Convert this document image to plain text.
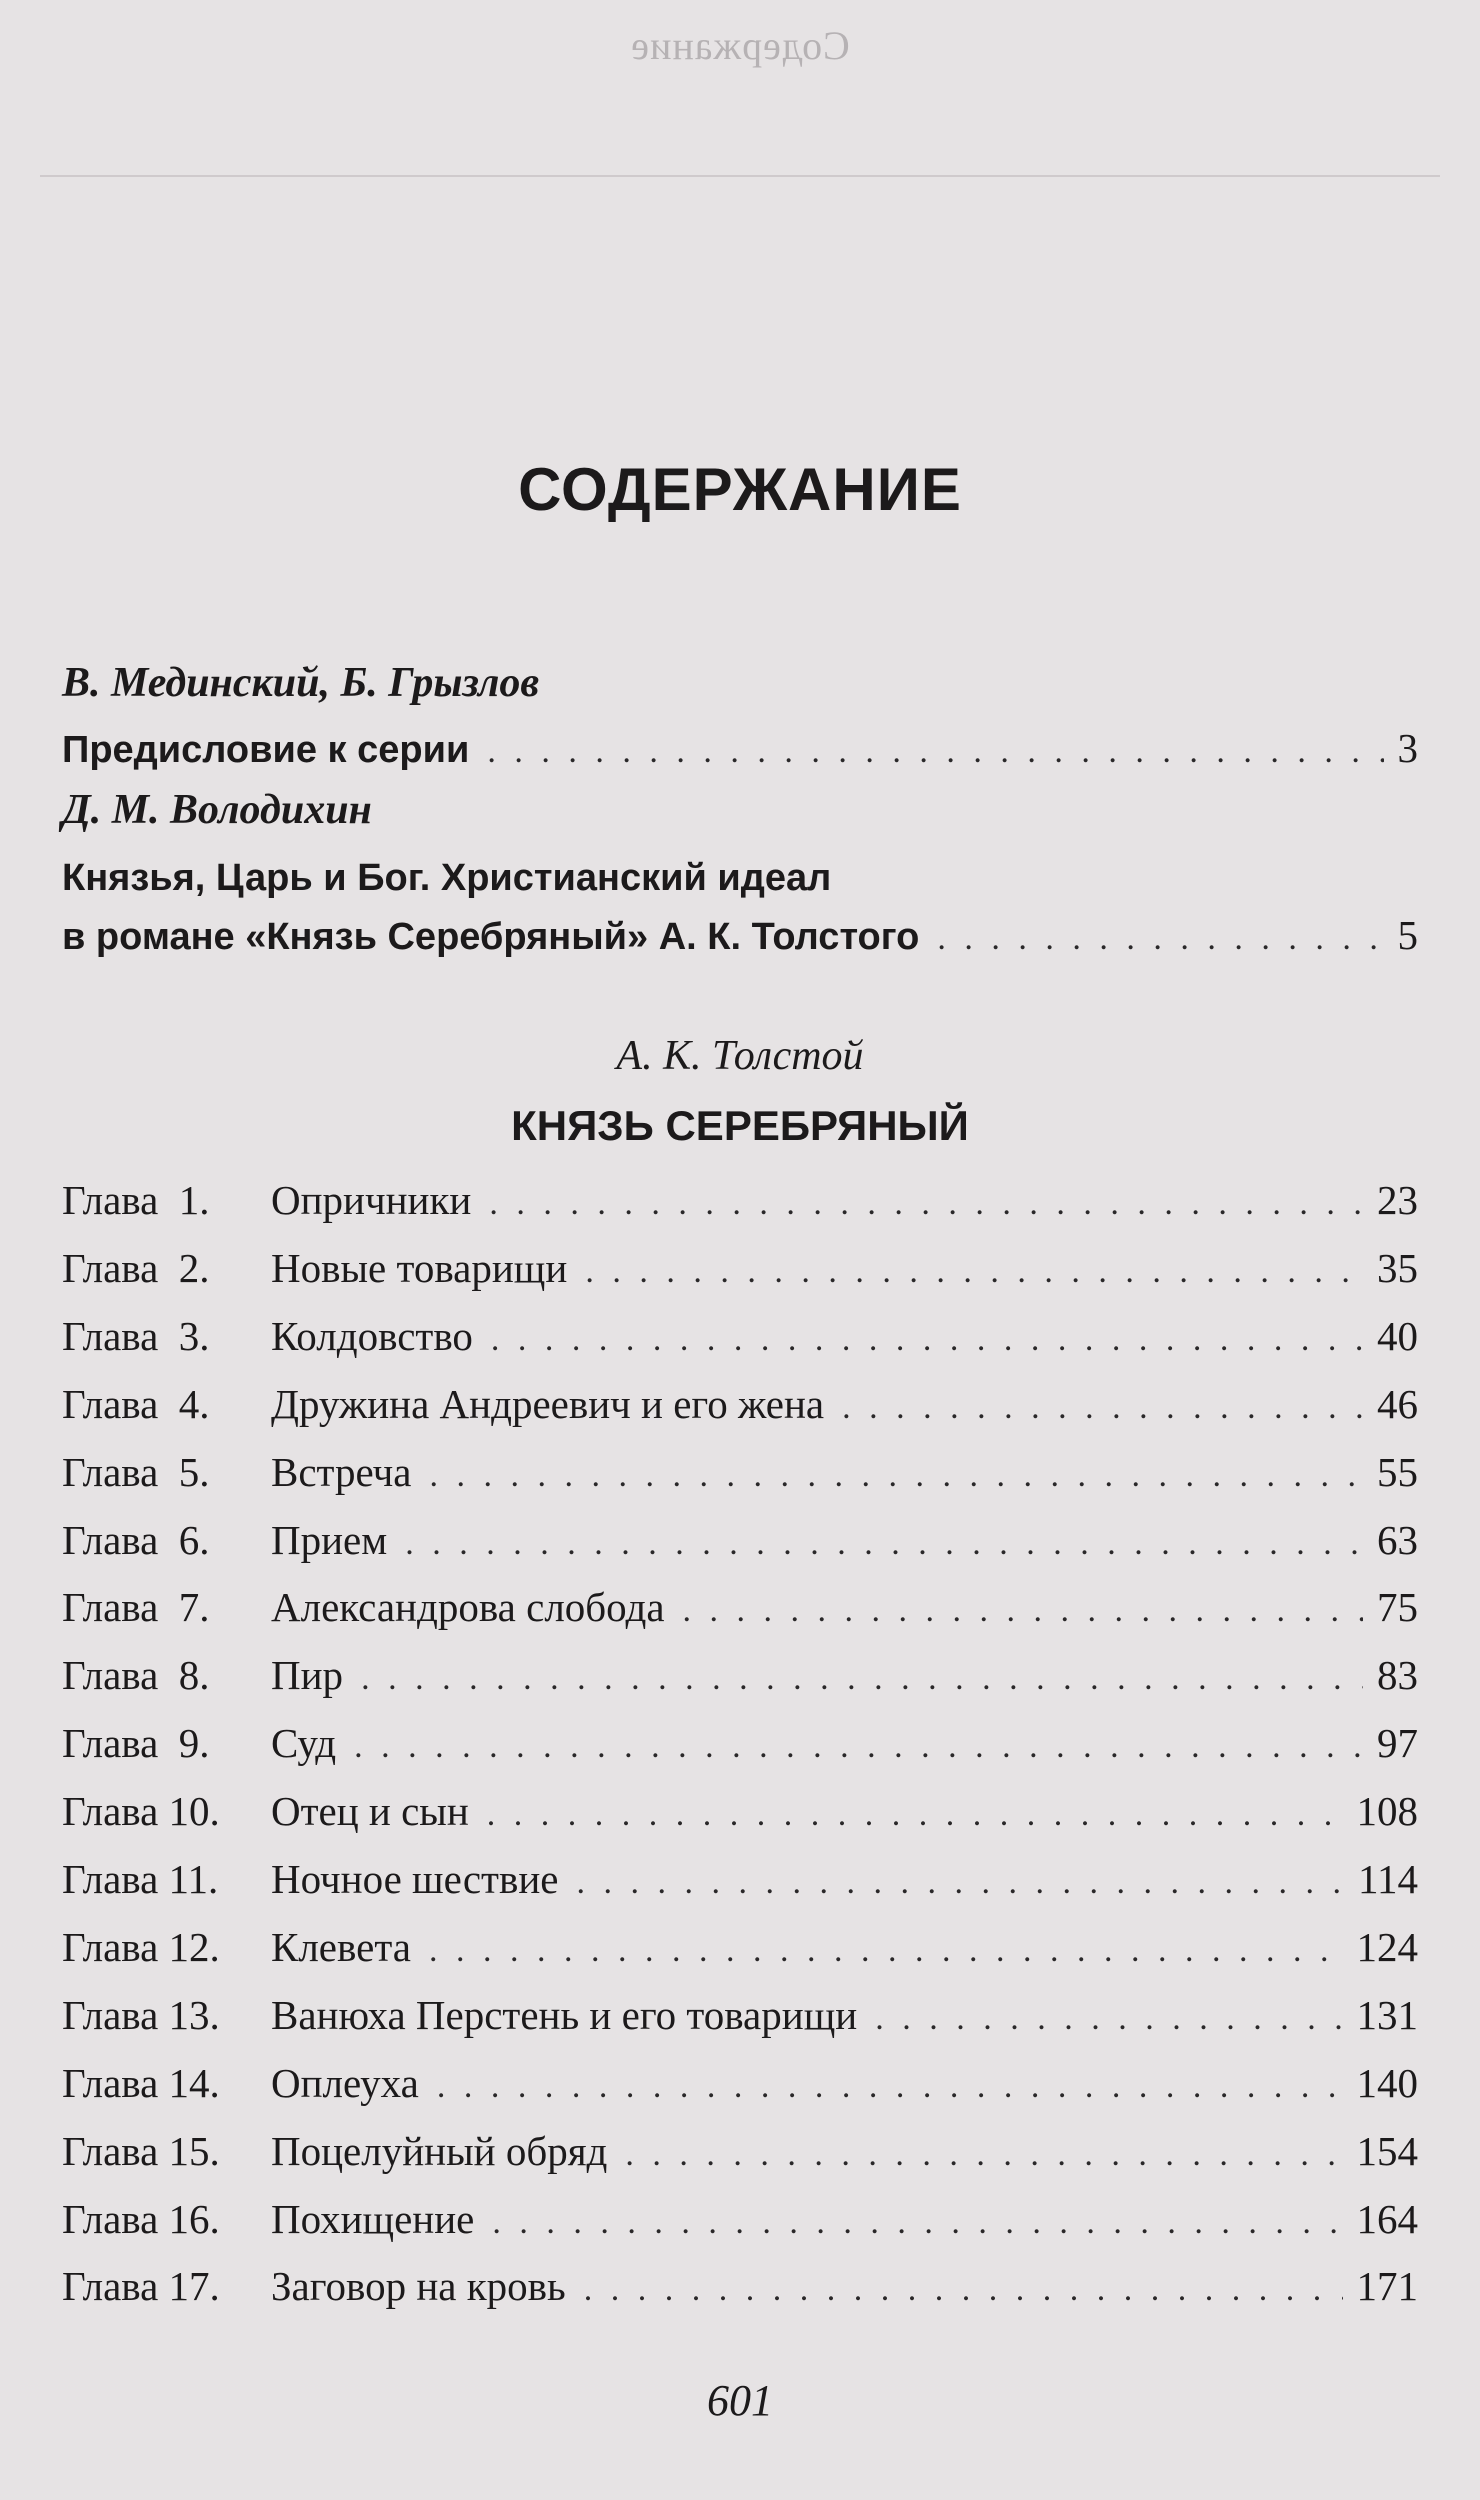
Содержание
СОДЕРЖАНИЕ
В. Мединский, Б. Грызлов
Предисловие к серии . . .	3
Д. М. Володихин
Князья, Царь и Бог. Христианский идеал
в романе «Князь Серебряный» А. К. Толстого . . .	5
А. К. Толстой
КНЯЗЬ СЕРЕБРЯНЫЙ
Глава  1.	Опричники . . .	23
Глава  2.	Новые товарищи . . .	35
Глава  3.	Колдовство . . .	40
Глава  4.	Дружина Андреевич и его жена . . .	46
Глава  5.	Встреча . . .	55
Глава  6.	Прием . . .	63
Глава  7.	Александрова слобода . . .	75
Глава  8.	Пир . . .	83
Глава  9.	Суд . . .	97
Глава 10.	Отец и сын . . .	108
Глава 11.	Ночное шествие . . .	114
Глава 12.	Клевета . . .	124
Глава 13.	Ванюха Перстень и его товарищи . . .	131
Глава 14.	Оплеуха . . .	140
Глава 15.	Поцелуйный обряд . . .	154
Глава 16.	Похищение . . .	164
Глава 17.	Заговор на кровь . . .	171
601
